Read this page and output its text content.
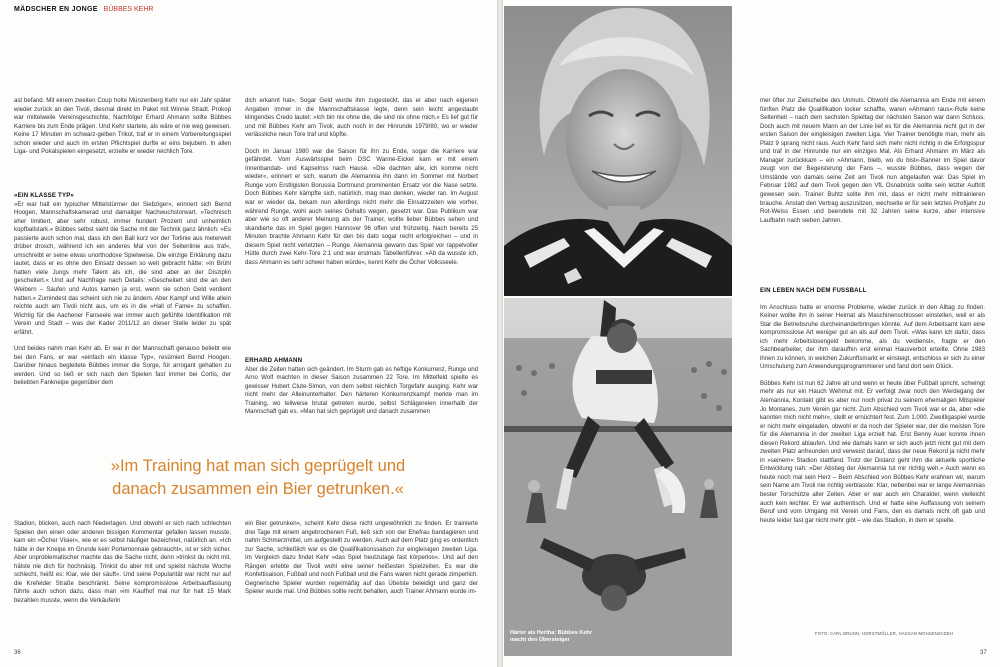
MÄDSCHER EN JONGE BÜBBES KEHR

ast befand. Mit einem zweiten Coup holte Münzenberg Kehr nur ein Jahr später wieder zurück an den Tivoli, diesmal direkt im Paket mit Winnie Stradt. Prokop war mittelweile Vereinsgeschichte, Nachfolger Erhard Ahmann sollte Bübbes Karriere bis zum Ende prägen. Und Kehr startete, als wäre er nie weg gewesen. Keine 17 Minuten im schwarz-gelben Trikot, traf er in einem Vorbereitungsspiel schon wieder und auch im ersten Pflichtspiel durfte er eins bejubeln. In allen Liga- und Pokalspielen eingesetzt, erzielte er wieder reichlich Tore.

»EIN KLASSE TYP«

»Er war halt ein typischer Mittelstürmer der Siebziger«, erinnert sich Bernd Hoogen, Mannschaftskamerad und damaliger Nachwuchstorwart. »Technisch eher limitiert, aber sehr robust, immer hundert Prozent und unheimlich kopfballstark.« Bübbes selbst sieht die Sache mit der Technik ganz ähnlich: »Es passierte auch schon mal, dass ich den Ball kurz vor der Torlinie aus meterweit drüber drosch, während ich ein anderes Mal von der Seitenlinie aus traf«, umschreibt er seine etwas unorthodoxe Spielweise. Die einzige Erklärung dazu lautet, dass er es ohne den Einsatz dessen so weit gebracht hätte: »In Brühl hatten viele Jungs mehr Talent als ich, die sind aber an der Disziplin gescheitert.« Und auf Nachfrage nach Details: »Gescheitert sind die an den Weibern – Saufen und Autos kamen ja erst, wenn sie schon Geld verdient hatten.« Zumindest das scheint sich nie zu ändern. Aber Kampf und Wille allein reichte auch am Tivoli nicht aus, um es in die »Hall of Fame« zu schaffen. Wichtig für die Aachener Fanseele war immer auch gefühlte Identifikation mit Verein und Stadt – was der Kader 2011/12 an dieser Stelle leider zu spät erfährt.

Und beides nahm man Kehr ab. Er war in der Mannschaft genauso beliebt wie bei den Fans, er war »einfach ein klasse Typ«, resümiert Bernd Hoogen. Darüber hinaus begleitete Bübbes immer die Sorge, für arrogant gehalten zu werden. Und so ließ er sich nach den Spielen fast immer bei Cortis, der beliebten Fankneipe gegenüber dem

dich erkannt hat«. Sogar Geld wurde ihm zugesteckt, das er aber nach eigenen Angaben immer in die Mannschaftskasse legte, denn sein leicht angestaubt klingendes Credo lautet: »Ich bin nix ohne die, die sind nix ohne mich.« Es lief gut für und mit Bübbes Kehr am Tivoli, auch noch in der Hinrunde 1979/80, wo er wieder verlässliche neun Tore traf und köpfte.

Doch im Januar 1980 war die Saison für ihn zu Ende, sogar die Karriere war gefährdet. Vom Auswärtsspiel beim DSC Wanne-Eickel kam er mit einem Innenbandab- und Kapselriss nach Hause. »Die dachten alle, ich komme nicht wieder«, erinnert er sich, warum die Alemannia ihn dann im Sommer mit Norbert Runge vom Erstligisten Borussia Dortmund prominenten Ersatz vor die Nase setzte. Doch Bübbes Kehr kämpfte sich, natürlich, mag man denken, wieder ran. Im August war er wieder da, bekam nun allerdings nicht mehr die Einsatzzeiten wie vorher, während Runge, wohl auch seines Gehalts wegen, gesetzt war. Das Publikum war aber wie so oft anderer Meinung als der Trainer, wollte lieber Bübbes sehen und skandierte das im Spiel gegen Hannover 96 offen und frühzeitig. Nach bereits 25 Minuten brachte Ahmann Kehr für den bis dato sogar recht erfolgreichen – und in diesem Spiel nicht verletzten – Runge. Alemannia gewann das Spiel vor rappelvoller Hütte durch zwei Kehr-Tore 2:1 und war erstmals Tabellenführer. »Ab da wusste ich, dass Ahmann es sehr schwer haben würde«, kennt Kehr die Öcher Volksseele.

ERHARD AHMANN

Aber die Zeiten hatten sich geändert. Im Sturm gab es heftige Konkurrenz, Runge und Arno Wolf machten in dieser Saison zusammen 22 Tore. Im Mittelfeld spielte es gewisser Hubert Clute-Simon, von dem selbst reichlich Torgefahr ausging. Kehr war nicht mehr der Alleinunterhalter. Den härteren Konkurrenzkampf merkte man im Training, wo teilweise brutal getreten wurde, selbst Schlägereien innerhalb der Mannschaft gab es. »Man hat sich geprügelt und danach zusammen

»Im Training hat man sich geprügelt und

danach zusammen ein Bier getrunken.«

Stadion, blicken, auch nach Niederlagen. Und obwohl er sich nach schlechten Spielen den einen oder anderen bissigen Kommentar gefallen lassen musste, kam ein »Öcher Visier«, wie er es selbst häufiger bezeichnet, natürlich an. »Ich hätte in der Kneipe im Grunde kein Portemonnaie gebraucht«, ist er sich sicher. Aber unproblematischer machte das die Sache nicht, denn »trinkst du nicht mit, hälste nie dich für hochnäsig. Trinkst du aber mit und spielst nächste Woche schlecht, heißt es: Klar, wie der säuft«. Und seine Popularität war nicht nur auf die Krefelder Straße beschränkt. Seine kompromisslose Arbeitsauffassung führte auch schon dazu, dass man »im Kaufhof mal nur für halt 15 Mark bezahlen musste, wenn die Verkäuferin

ein Bier getrunken«, scheint Kehr diese nicht ungewöhnlich zu finden. Er trainierte drei Tage mit einem angebrochenen Fuß, ließ sich von der Ehefrau bandagieren und nahm Schmerzmittel, um aufgestellt zu werden. Auch auf dem Platz ging es ordentlich zur Sache, schließlich war es die Qualifikationssaison zur eingleisigen zweiten Liga. Im Vergleich dazu findet Kehr »das Spiel heutzutage fast körperlos«. Und auf den Rängen erlebte der Tivoli wohl eine seiner heißesten Spielzeiten. Es war die Konfettisaison, Fußball und noch Fußball und die Fans waren nicht gerade zimperlich. Gegnerische Spieler wurden regelmäßig auf das Übelste beleidigt und ganz der Spieler wurde mal. Und Bübbes sollte recht behalten, auch Trainer Ahmann wurde im-

36	37
Härter als Hertha: Bübbes Kehr macht den Übersteiger

mer öfter zur Zielscheibe des Unmuts. Obwohl die Alemannia am Ende mit einem fünften Platz die Qualifikation locker schaffte, waren »Ahmann raus«-Rufe keine Seltenheit – nach dem sechsten Spieltag der nächsten Saison war dann Schluss. Doch auch mit neuem Mann an der Linie lief es für die Alemannia nicht gut in der ersten Saison der eingleisigen zweiten Liga. Vier Trainer benötigte man, mehr als Platz 9 sprang nicht raus. Auch Kehr fand sich mehr nicht richtig in die Erfolgsspur und traf in der Hinrunde nur ein einziges Mal. Als Erhard Ahmann im März als Manager zurückkam – ein »Ahmann, bleib, wo du bist«-Banner im Spiel davor zeugt von der Begeisterung der Fans –, wusste Bübbes, dass wegen der Umstände von damals seine Zeit am Tivoli nun abgelaufen war. Das Spiel im Februar 1982 auf dem Tivoli gegen den VfL Osnabrück sollte sein letzter Auftritt gewesen sein. Trainer Buhtz sollte ihm mit, dass er nicht mehr mittrainieren brauche. Anstatt den Vertrag auszusitzen, wechselte er für sein letztes Profijahr zu Rot-Weiss Essen und beendete mit 32 Jahren seine kurze, aber intensive Laufbahn nach sieben Jahren.

EIN LEBEN NACH DEM FUSSBALL

Im Anschluss hatte er enorme Probleme, wieder zurück in den Alltag zu finden. Keiner wollte ihn in seiner Heimat als Maschinenschlosser einstellen, weil er als Star die Betriebsruhe durcheinanderbringen könnte. Auf dem Arbeitsamt kam eine kompromisslose Art weniger gut an als auf dem Tivoli. »Was kann ich dafür, dass ich mehr Arbeitslosengeld bekomme, als du verdienst«, fragte er den Sachbearbeiter, der ihm daraufhin erst einmal Hausverbot erteilte. Ohne 1983 ihnen zu können, in welchen Zukunftsmarkt er einsteigt, entschloss er sich zu einer Umschulung zum Anwendungsprogrammierer und fand dort sein Glück.

Bübbes Kehr ist nun 62 Jahre alt und wenn er heute über Fußball spricht, schwingt mehr als nur ein Hauch Wehmut mit. Er verfolgt zwar noch den Werdegang der Alemannia, Kontakt gibt es aber nur noch privat zu seinem ehemaligen Mitspieler Jo Montanes, zum Verein gar nicht. Zum Abschied vom Tivoli war er da, aber »die kannten mich nicht mehr«, stellt er ernüchtert fest. Zum 1.000. Zweitligaspiel wurde er nicht mehr eingeladen, obwohl er da noch der Spieler war, der die meisten Tore für die Alemannia in der zweiten Liga erzielt hat. Erst Benny Auer konnte ihnen diesen Rekord ablaufen. Und wie damals kann er sich auch jetzt nicht gut mit dem zweiten Platz anfreunden und verweist darauf, dass der neue Rekord ja nicht mehr in »seinem« Stadion stattfand. Trotz der Distanz geht ihm die aktuelle sportliche Entwicklung nah: »Der Abstieg der Alemannia tut mir richtig weh.« Auch wenn es heute noch mal sein Herz – Beim Abschied von Bübbes Kehr erahnen wir, warum sein Name am Tivoli nie richtig verblasste: Klar, nebenbei war er lange Alemannias bester Torschütze aller Zeiten. Aber er war auch ein Charakter, wenn vielleicht auch kein leichter. Er war authentisch. Und er hatte eine Auffassung von seinem Beruf und vom Umgang mit Verein und Fans, den es damals nicht oft gab und heute leider fast gar nicht mehr gibt – wie das Stadion, in dem er spielte.

FOTO: CARL BRUNN, HORSTMÖLLER, HASSAN MOHSENZADEH
